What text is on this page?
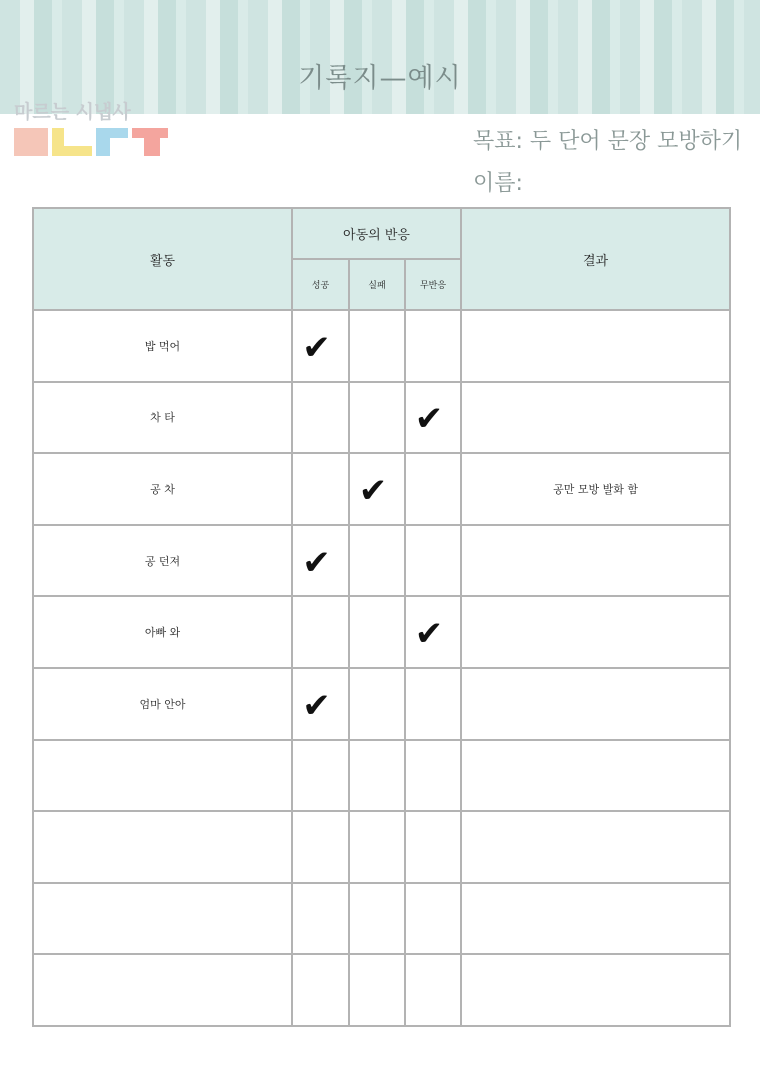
기록지—예시
마르는 시냅사
목표: 두 단어 문장 모방하기
이름:
활동	아동의 반응			결과
	성공	실패	무반응	
밥 먹어	✔			
차 타			✔	
공 차		✔		공만 모방 발화 함
공 던져	✔			
아빠 와			✔	
엄마 안아	✔			
